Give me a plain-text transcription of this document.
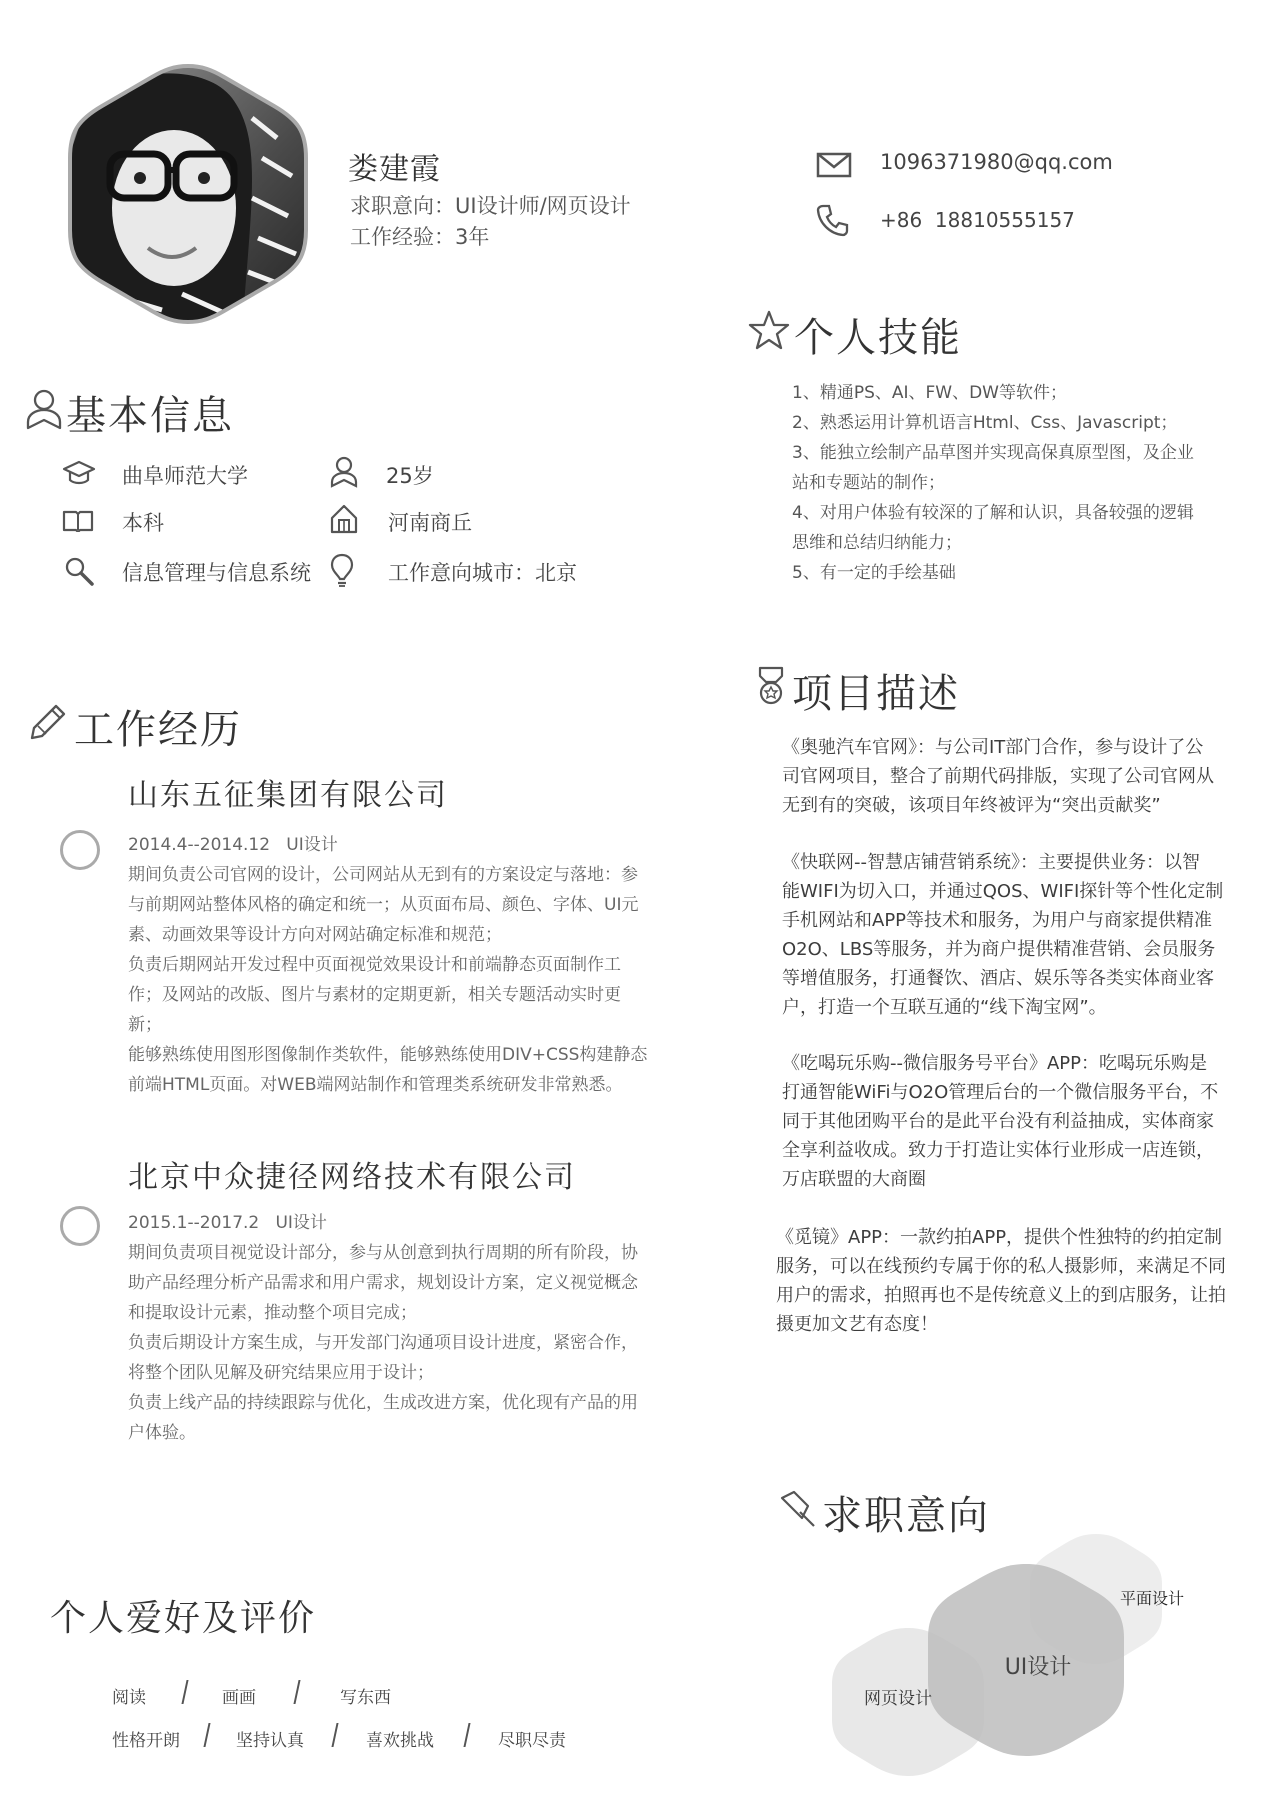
娄建霞
求职意向：UI设计师/网页设计
工作经验：3年
1096371980@qq.com
+86  18810555157
个人技能
1、精通PS、AI、FW、DW等软件；
2、熟悉运用计算机语言Html、Css、Javascript；
3、能独立绘制产品草图并实现高保真原型图，及企业
站和专题站的制作；
4、对用户体验有较深的了解和认识，具备较强的逻辑
思维和总结归纳能力；
5、有一定的手绘基础
基本信息
曲阜师范大学	25岁
本科	河南商丘
信息管理与信息系统	工作意向城市：北京
工作经历
山东五征集团有限公司
2014.4--2014.12   UI设计
期间负责公司官网的设计，公司网站从无到有的方案设定与落地：参
与前期网站整体风格的确定和统一；从页面布局、颜色、字体、UI元
素、动画效果等设计方向对网站确定标准和规范；
负责后期网站开发过程中页面视觉效果设计和前端静态页面制作工
作；及网站的改版、图片与素材的定期更新，相关专题活动实时更
新；
能够熟练使用图形图像制作类软件，能够熟练使用DIV+CSS构建静态
前端HTML页面。对WEB端网站制作和管理类系统研发非常熟悉。
北京中众捷径网络技术有限公司
2015.1--2017.2   UI设计
期间负责项目视觉设计部分，参与从创意到执行周期的所有阶段，协
助产品经理分析产品需求和用户需求，规划设计方案，定义视觉概念
和提取设计元素，推动整个项目完成；
负责后期设计方案生成，与开发部门沟通项目设计进度，紧密合作，
将整个团队见解及研究结果应用于设计；
负责上线产品的持续跟踪与优化，生成改进方案，优化现有产品的用
户体验。
项目描述
《奥驰汽车官网》：与公司IT部门合作，参与设计了公
司官网项目，整合了前期代码排版，实现了公司官网从
无到有的突破，该项目年终被评为“突出贡献奖”
《快联网--智慧店铺营销系统》：主要提供业务：以智
能WIFI为切入口，并通过QOS、WIFI探针等个性化定制
手机网站和APP等技术和服务，为用户与商家提供精准
O2O、LBS等服务，并为商户提供精准营销、会员服务
等增值服务，打通餐饮、酒店、娱乐等各类实体商业客
户，打造一个互联互通的“线下淘宝网”。
《吃喝玩乐购--微信服务号平台》APP：吃喝玩乐购是
打通智能WiFi与O2O管理后台的一个微信服务平台，不
同于其他团购平台的是此平台没有利益抽成，实体商家
全享利益收成。致力于打造让实体行业形成一店连锁，
万店联盟的大商圈
《觅镜》APP：一款约拍APP，提供个性独特的约拍定制
服务，可以在线预约专属于你的私人摄影师，来满足不同
用户的需求，拍照再也不是传统意义上的到店服务，让拍
摄更加文艺有态度！
求职意向
UI设计
平面设计
网页设计
个人爱好及评价
阅读	画画	写东西
性格开朗	坚持认真	喜欢挑战	尽职尽责
